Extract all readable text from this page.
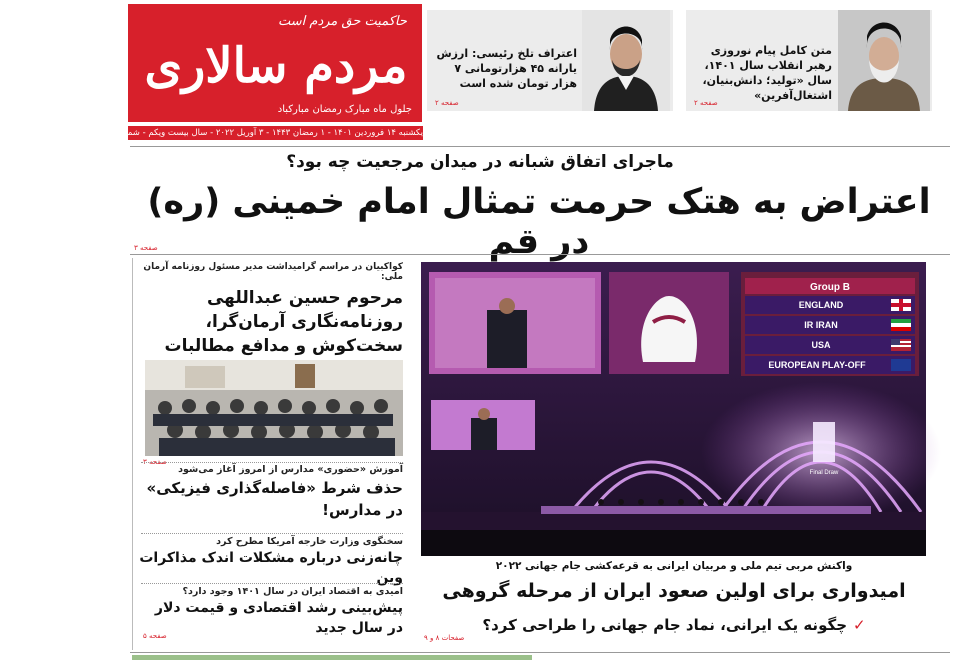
حاکمیت حق مردم است
مردم سالاری
جلول ماه مبارک رمضان مبارکباد
یکشنبه ۱۴ فروردین ۱۴۰۱ - ۱ رمضان ۱۴۴۳ - ۳ آوریل ۲۰۲۲ - سال بیست ویکم - شماره ۶۱۸۱ - ۱۲ صفحه - ۲۰۰۰۰ تومان
اعتراف تلخ رئیسی: ارزش یارانه ۴۵ هزارتومانی ۷ هزار تومان شده است
صفحه ۲
متن کامل پیام نوروزی رهبر انقلاب سال ۱۴۰۱، سال «تولید؛ دانش‌بنیان، اشتغال‌آفرین»
صفحه ۲
ماجرای اتفاق شبانه در میدان مرجعیت چه بود؟
اعتراض به هتک حرمت تمثال امام خمینی (ره) در قم
صفحه ۳
کواکبیان در مراسم گرامیداشت مدیر مسئول روزنامه آرمان ملی:
مرحوم حسین عبداللهی روزنامه‌نگاری آرمان‌گرا، سخت‌کوش و مدافع مطالبات
صفحه ۳
آموزش «حضوری» مدارس از امروز آغاز می‌شود
حذف شرط «فاصله‌گذاری فیزیکی» در مدارس!
سخنگوی وزارت خارجه آمریکا مطرح کرد
چانه‌زنی درباره مشکلات اندک مذاکرات وین
امیدی به اقتصاد ایران در سال ۱۴۰۱ وجود دارد؟
پیش‌بینی رشد اقتصادی و قیمت دلار در سال جدید
صفحه ۵
Group B
ENGLAND
IR IRAN
USA
EUROPEAN PLAY-OFF
Final Draw
واکنش مربی تیم ملی و مربیان ایرانی به قرعه‌کشی جام جهانی ۲۰۲۲
امیدواری برای اولین صعود ایران از مرحله گروهی
✓چگونه یک ایرانی، نماد جام جهانی را طراحی کرد؟
صفحات ۸ و ۹
